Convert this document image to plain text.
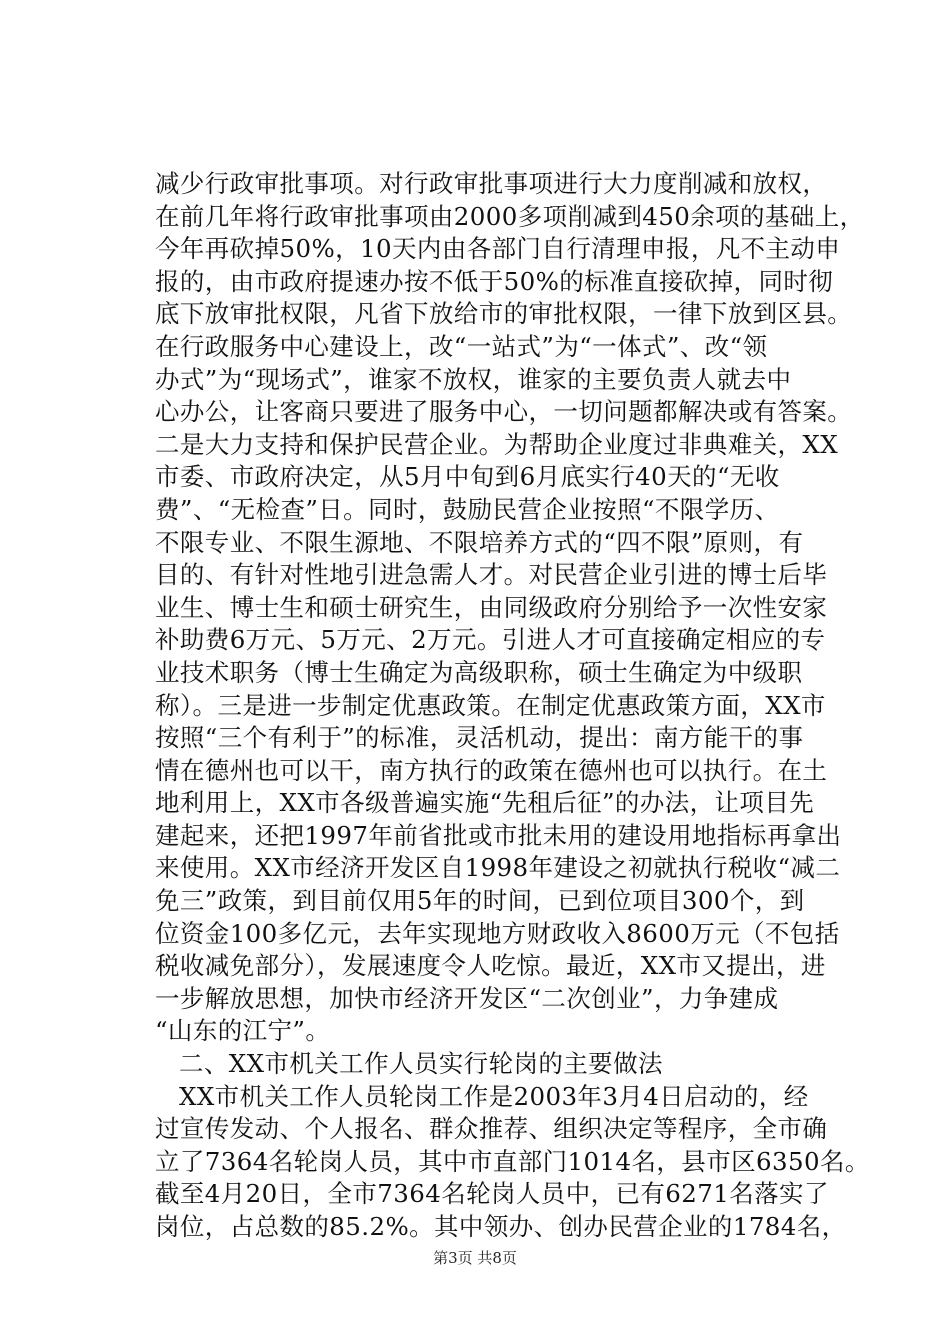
减少行政审批事项。对行政审批事项进行大力度削减和放权，
在前几年将行政审批事项由2000多项削减到450余项的基础上，
今年再砍掉50%，10天内由各部门自行清理申报，凡不主动申
报的，由市政府提速办按不低于50%的标准直接砍掉，同时彻
底下放审批权限，凡省下放给市的审批权限，一律下放到区县。
在行政服务中心建设上，改“一站式”为“一体式”、改“领
办式”为“现场式”，谁家不放权，谁家的主要负责人就去中
心办公，让客商只要进了服务中心，一切问题都解决或有答案。
二是大力支持和保护民营企业。为帮助企业度过非典难关，XX
市委、市政府决定，从5月中旬到6月底实行40天的“无收
费”、“无检查”日。同时，鼓励民营企业按照“不限学历、
不限专业、不限生源地、不限培养方式的“四不限”原则，有
目的、有针对性地引进急需人才。对民营企业引进的博士后毕
业生、博士生和硕士研究生，由同级政府分别给予一次性安家
补助费6万元、5万元、2万元。引进人才可直接确定相应的专
业技术职务（博士生确定为高级职称，硕士生确定为中级职
称）。三是进一步制定优惠政策。在制定优惠政策方面，XX市
按照“三个有利于”的标准，灵活机动，提出：南方能干的事
情在德州也可以干，南方执行的政策在德州也可以执行。在土
地利用上，XX市各级普遍实施“先租后征”的办法，让项目先
建起来，还把1997年前省批或市批未用的建设用地指标再拿出
来使用。XX市经济开发区自1998年建设之初就执行税收“减二
免三”政策，到目前仅用5年的时间，已到位项目300个，到
位资金100多亿元，去年实现地方财政收入8600万元（不包括
税收减免部分），发展速度令人吃惊。最近，XX市又提出，进
一步解放思想，加快市经济开发区“二次创业”，力争建成
“山东的江宁”。
二、XX市机关工作人员实行轮岗的主要做法
XX市机关工作人员轮岗工作是2003年3月4日启动的，经
过宣传发动、个人报名、群众推荐、组织决定等程序，全市确
立了7364名轮岗人员，其中市直部门1014名，县市区6350名。
截至4月20日，全市7364名轮岗人员中，已有6271名落实了
岗位，占总数的85.2%。其中领办、创办民营企业的1784名，
第3页 共8页
